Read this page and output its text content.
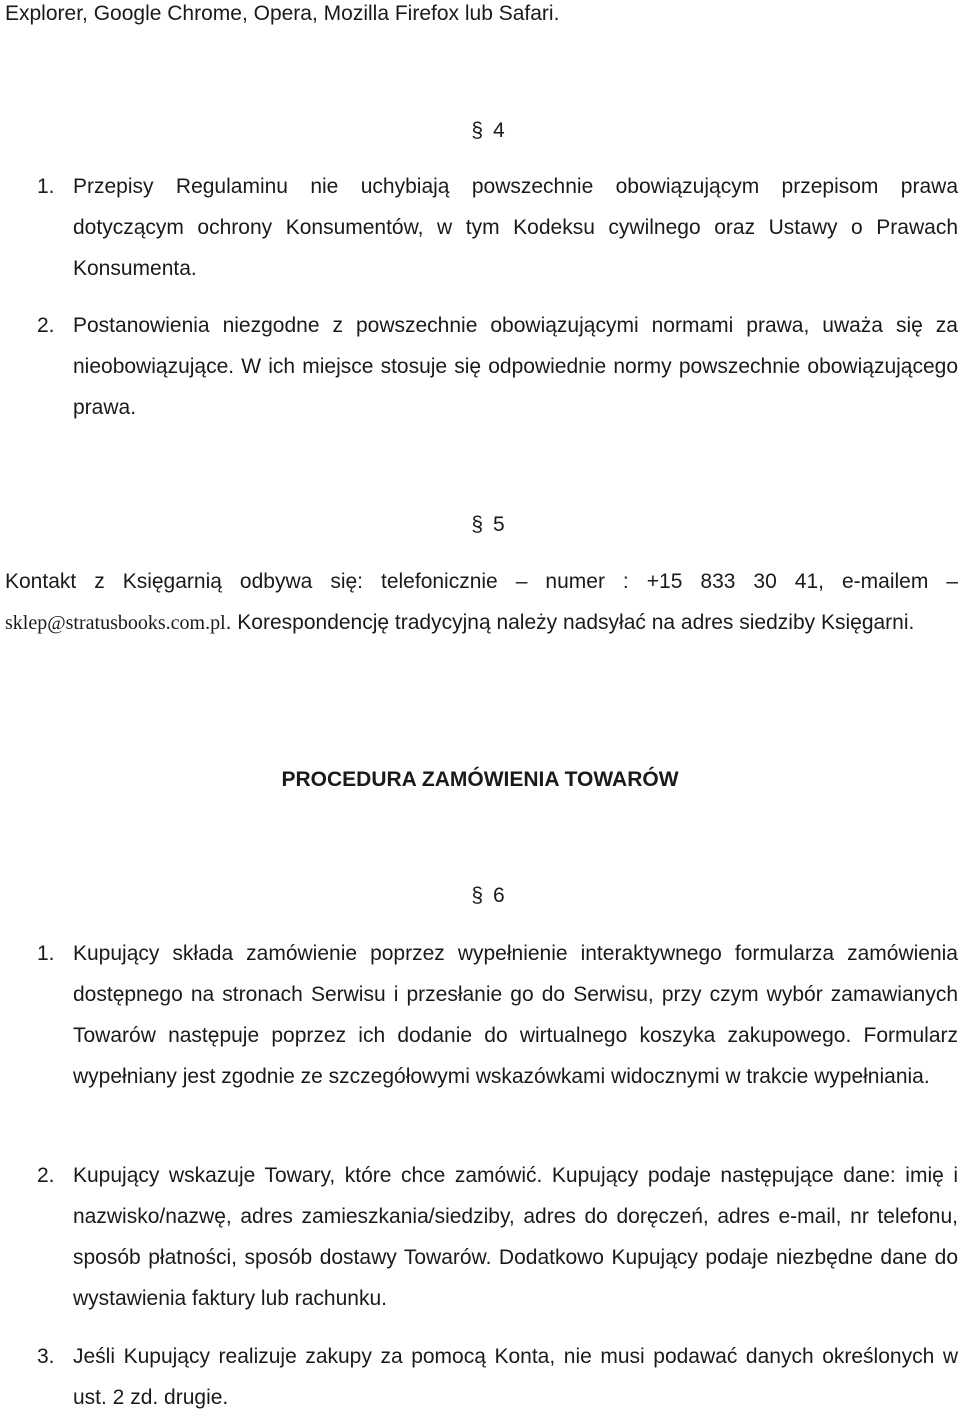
Explorer, Google Chrome, Opera, Mozilla Firefox lub Safari.
§ 4
1. Przepisy Regulaminu nie uchybiają powszechnie obowiązującym przepisom prawa dotyczącym ochrony Konsumentów, w tym Kodeksu cywilnego oraz Ustawy o Prawach Konsumenta.
2. Postanowienia niezgodne z powszechnie obowiązującymi normami prawa, uważa się za nieobowiązujące. W ich miejsce stosuje się odpowiednie normy powszechnie obowiązującego prawa.
§ 5
Kontakt z Księgarnią odbywa się: telefonicznie – numer : +15 833 30 41, e-mailem – sklep@stratusbooks.com.pl. Korespondencję tradycyjną należy nadsyłać na adres siedziby Księgarni.
PROCEDURA ZAMÓWIENIA TOWARÓW
§ 6
1. Kupujący składa zamówienie poprzez wypełnienie interaktywnego formularza zamówienia dostępnego na stronach Serwisu i przesłanie go do Serwisu, przy czym wybór zamawianych Towarów następuje poprzez ich dodanie do wirtualnego koszyka zakupowego. Formularz wypełniany jest zgodnie ze szczegółowymi wskazówkami widocznymi w trakcie wypełniania.
2. Kupujący wskazuje Towary, które chce zamówić. Kupujący podaje następujące dane: imię i nazwisko/nazwę, adres zamieszkania/siedziby, adres do doręczeń, adres e-mail, nr telefonu, sposób płatności, sposób dostawy Towarów. Dodatkowo Kupujący podaje niezbędne dane do wystawienia faktury lub rachunku.
3. Jeśli Kupujący realizuje zakupy za pomocą Konta, nie musi podawać danych określonych w ust. 2 zd. drugie.
